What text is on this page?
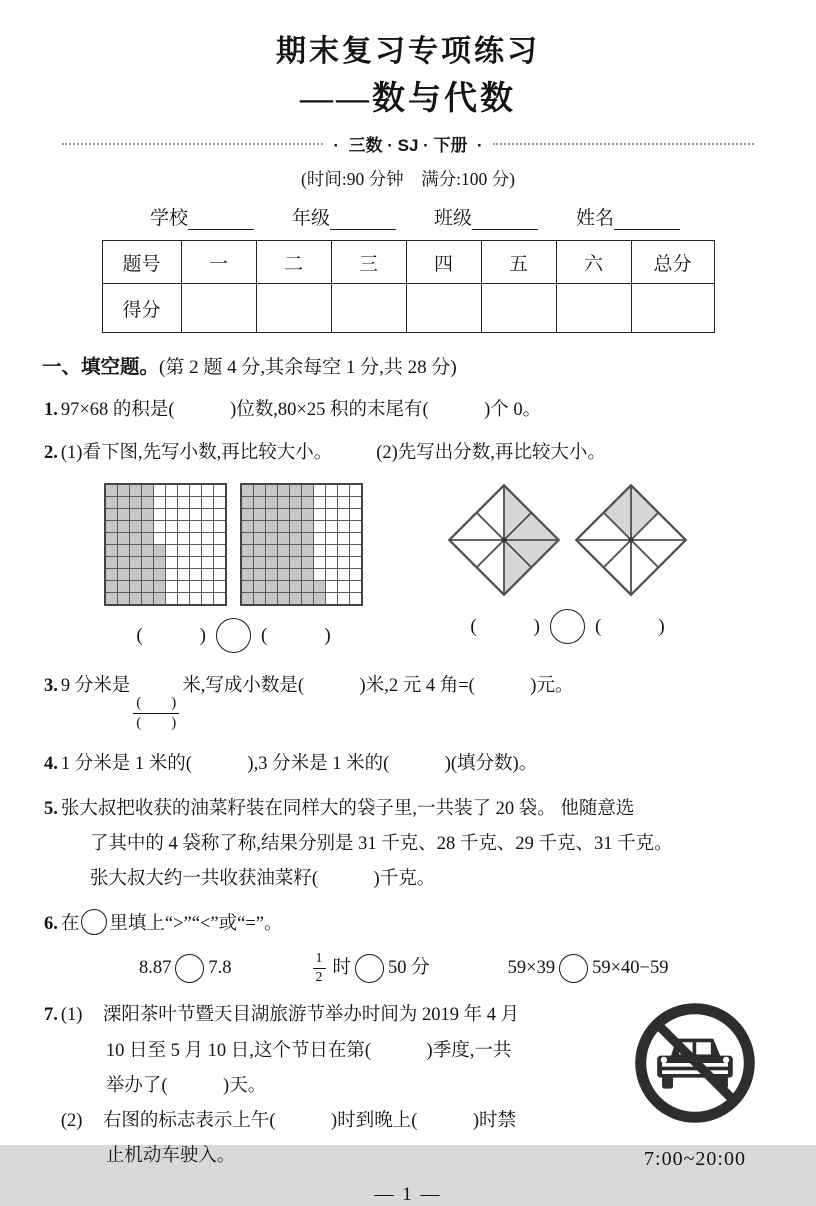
期末复习专项练习
——数与代数
·  三数 · SJ · 下册  ·
(时间:90 分钟　满分:100 分)
学校	年级	班级	姓名
题号	一	二	三	四	五	六	总分
得分							
一、填空题。(第 2 题 4 分,其余每空 1 分,共 28 分)
1. 97×68 的积是(            )位数,80×25 积的末尾有(            )个 0。
2. (1)看下图,先写小数,再比较大小。 (2)先写出分数,再比较大小。
(            )	(            )	(            )	(            )
3. 9 分米是
$\frac{( )}{( )}$
米,写成小数是(            )米,2 元 4 角=(            )元。
4. 1 分米是 1 米的(            ),3 分米是 1 米的(            )(填分数)。
5. 张大叔把收获的油菜籽装在同样大的袋子里,一共装了 20 袋。 他随意选
了其中的 4 袋称了称,结果分别是 31 千克、28 千克、29 千克、31 千克。
张大叔大约一共收获油菜籽(            )千克。
6. 在 里填上“>”“<”或“=”。
8.87 7.8	$\frac{1}{2}$ 时 50 分	59×39 59×40−59
7. (1)	溧阳茶叶节暨天目湖旅游节举办时间为 2019 年 4 月
10 日至 5 月 10 日,这个节日在第(            )季度,一共
举办了(            )天。
(2)	右图的标志表示上午(            )时到晚上(            )时禁
止机动车驶入。	7:00~20:00
— 1 —
